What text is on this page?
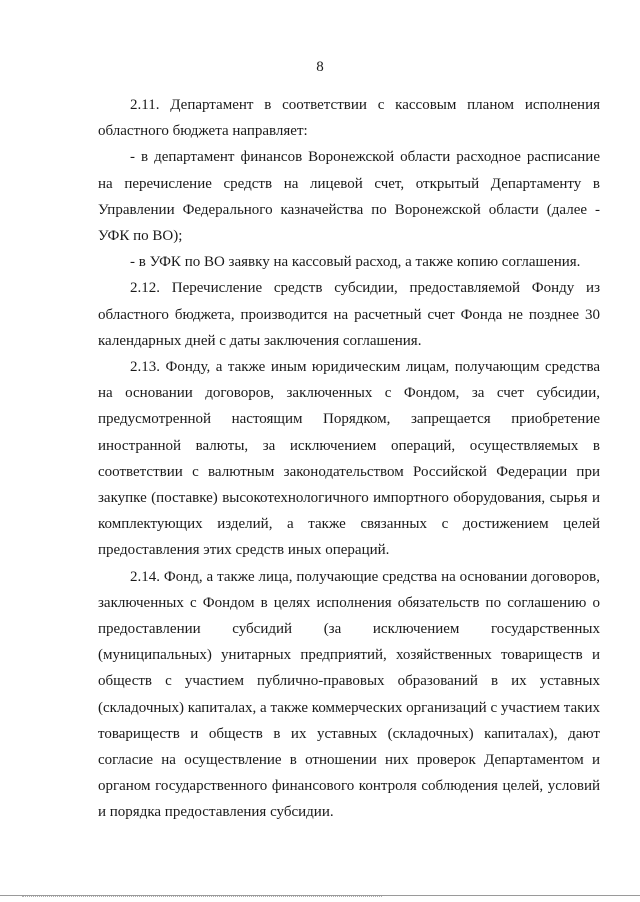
8

2.11. Департамент в соответствии с кассовым планом исполнения областного бюджета направляет:

- в департамент финансов Воронежской области расходное расписание на перечисление средств на лицевой счет, открытый Департаменту в Управлении Федерального казначейства по Воронежской области (далее - УФК по ВО);

- в УФК по ВО заявку на кассовый расход, а также копию соглашения.

2.12. Перечисление средств субсидии, предоставляемой Фонду из областного бюджета, производится на расчетный счет Фонда не позднее 30 календарных дней с даты заключения соглашения.

2.13. Фонду, а также иным юридическим лицам, получающим средства на основании договоров, заключенных с Фондом, за счет субсидии, предусмотренной настоящим Порядком, запрещается приобретение иностранной валюты, за исключением операций, осуществляемых в соответствии с валютным законодательством Российской Федерации при закупке (поставке) высокотехнологичного импортного оборудования, сырья и комплектующих изделий, а также связанных с достижением целей предоставления этих средств иных операций.

2.14. Фонд, а также лица, получающие средства на основании договоров, заключенных с Фондом в целях исполнения обязательств по соглашению о предоставлении субсидий (за исключением государственных (муниципальных) унитарных предприятий, хозяйственных товариществ и обществ с участием публично-правовых образований в их уставных (складочных) капиталах, а также коммерческих организаций с участием таких товариществ и обществ в их уставных (складочных) капиталах), дают согласие на осуществление в отношении них проверок Департаментом и органом государственного финансового контроля соблюдения целей, условий и порядка предоставления субсидии.
